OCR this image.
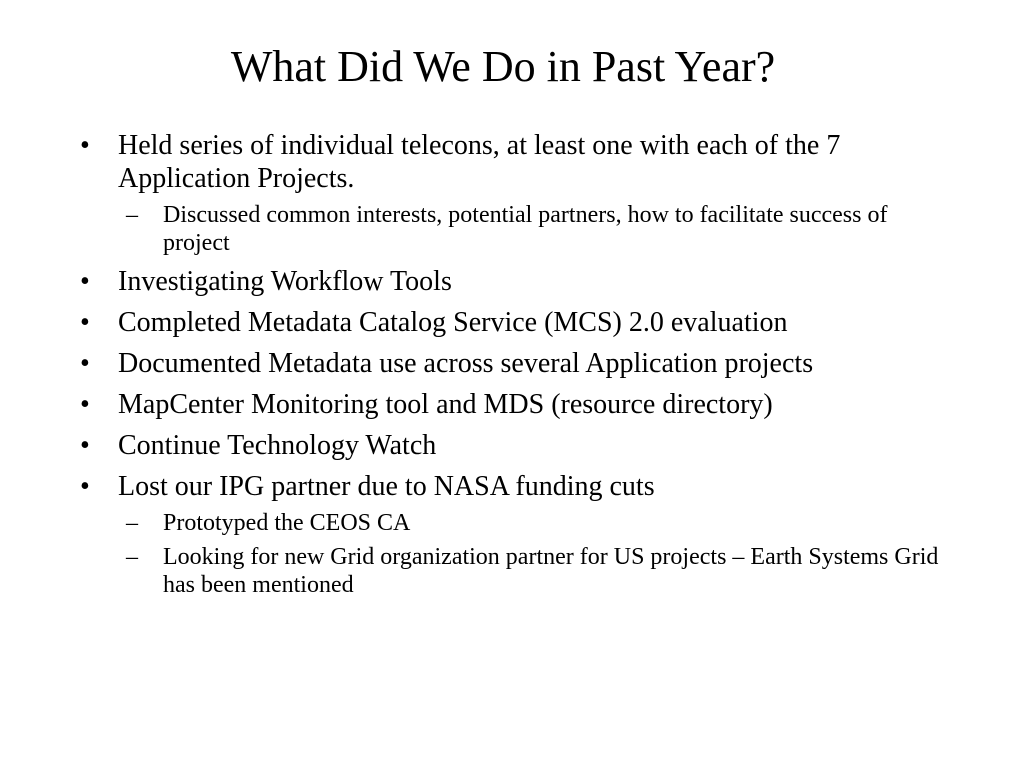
What Did We Do in Past Year?
• Held series of individual telecons, at least one with each of the 7 Application Projects.
– Discussed common interests, potential partners, how to facilitate success of project
• Investigating Workflow Tools
• Completed Metadata Catalog Service (MCS) 2.0 evaluation
• Documented Metadata use across several Application projects
• MapCenter Monitoring tool and MDS (resource directory)
• Continue Technology Watch
• Lost our IPG partner due to NASA funding cuts
– Prototyped the CEOS CA
– Looking for new Grid organization partner for US projects – Earth Systems Grid has been mentioned
